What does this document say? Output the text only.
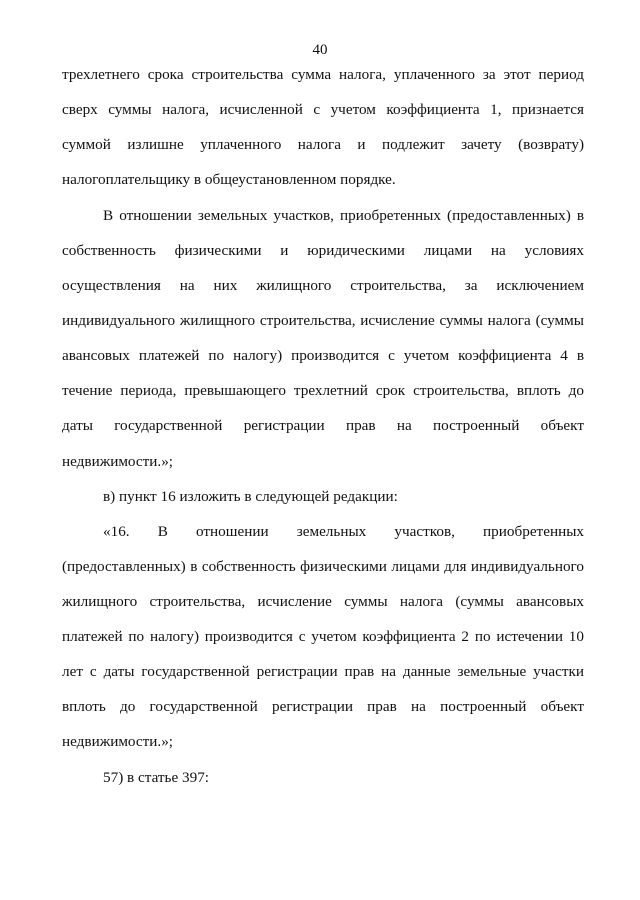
40
трехлетнего срока строительства сумма налога, уплаченного за этот период
сверх суммы налога, исчисленной с учетом коэффициента 1, признается
суммой излишне уплаченного налога и подлежит зачету (возврату)
налогоплательщику в общеустановленном порядке.
В отношении земельных участков, приобретенных (предоставленных) в
собственность физическими и юридическими лицами на условиях
осуществления на них жилищного строительства, за исключением
индивидуального жилищного строительства, исчисление суммы налога (суммы
авансовых платежей по налогу) производится с учетом коэффициента 4 в
течение периода, превышающего трехлетний срок строительства, вплоть до
даты государственной регистрации прав на построенный объект
недвижимости.»;
в) пункт 16 изложить в следующей редакции:
«16. В отношении земельных участков, приобретенных
(предоставленных) в собственность физическими лицами для индивидуального
жилищного строительства, исчисление суммы налога (суммы авансовых
платежей по налогу) производится с учетом коэффициента 2 по истечении 10
лет с даты государственной регистрации прав на данные земельные участки
вплоть до государственной регистрации прав на построенный объект
недвижимости.»;
57) в статье 397:
